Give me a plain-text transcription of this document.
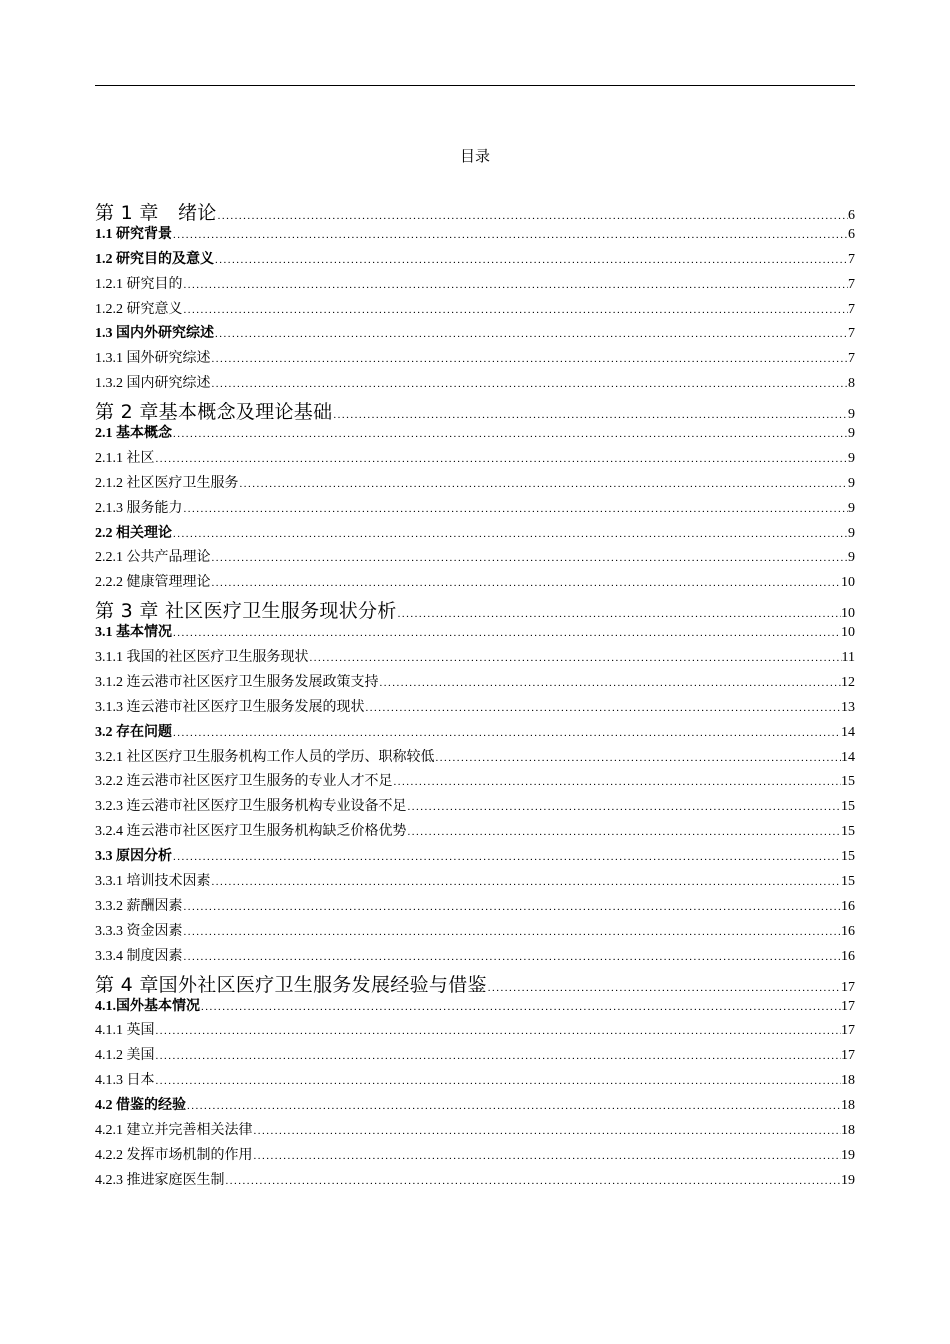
目录
第 1 章　绪论 .....	6
1.1 研究背景 .....	6
1.2 研究目的及意义 .....	7
1.2.1 研究目的 .....	7
1.2.2 研究意义 .....	7
1.3 国内外研究综述 .....	7
1.3.1 国外研究综述 .....	7
1.3.2 国内研究综述 .....	8
第 2 章基本概念及理论基础 .....	9
2.1 基本概念 .....	9
2.1.1 社区 .....	9
2.1.2 社区医疗卫生服务 .....	9
2.1.3 服务能力 .....	9
2.2 相关理论 .....	9
2.2.1 公共产品理论 .....	9
2.2.2 健康管理理论 .....	10
第 3 章 社区医疗卫生服务现状分析 .....	10
3.1 基本情况 .....	10
3.1.1 我国的社区医疗卫生服务现状 .....	11
3.1.2 连云港市社区医疗卫生服务发展政策支持 .....	12
3.1.3 连云港市社区医疗卫生服务发展的现状 .....	13
3.2 存在问题 .....	14
3.2.1 社区医疗卫生服务机构工作人员的学历、职称较低 .....	14
3.2.2 连云港市社区医疗卫生服务的专业人才不足 .....	15
3.2.3 连云港市社区医疗卫生服务机构专业设备不足 .....	15
3.2.4 连云港市社区医疗卫生服务机构缺乏价格优势 .....	15
3.3 原因分析 .....	15
3.3.1 培训技术因素 .....	15
3.3.2 薪酬因素 .....	16
3.3.3 资金因素 .....	16
3.3.4 制度因素 .....	16
第 4 章国外社区医疗卫生服务发展经验与借鉴 .....	17
4.1.国外基本情况 .....	17
4.1.1 英国 .....	17
4.1.2 美国 .....	17
4.1.3 日本 .....	18
4.2 借鉴的经验 .....	18
4.2.1 建立并完善相关法律 .....	18
4.2.2 发挥市场机制的作用 .....	19
4.2.3 推进家庭医生制 .....	19
